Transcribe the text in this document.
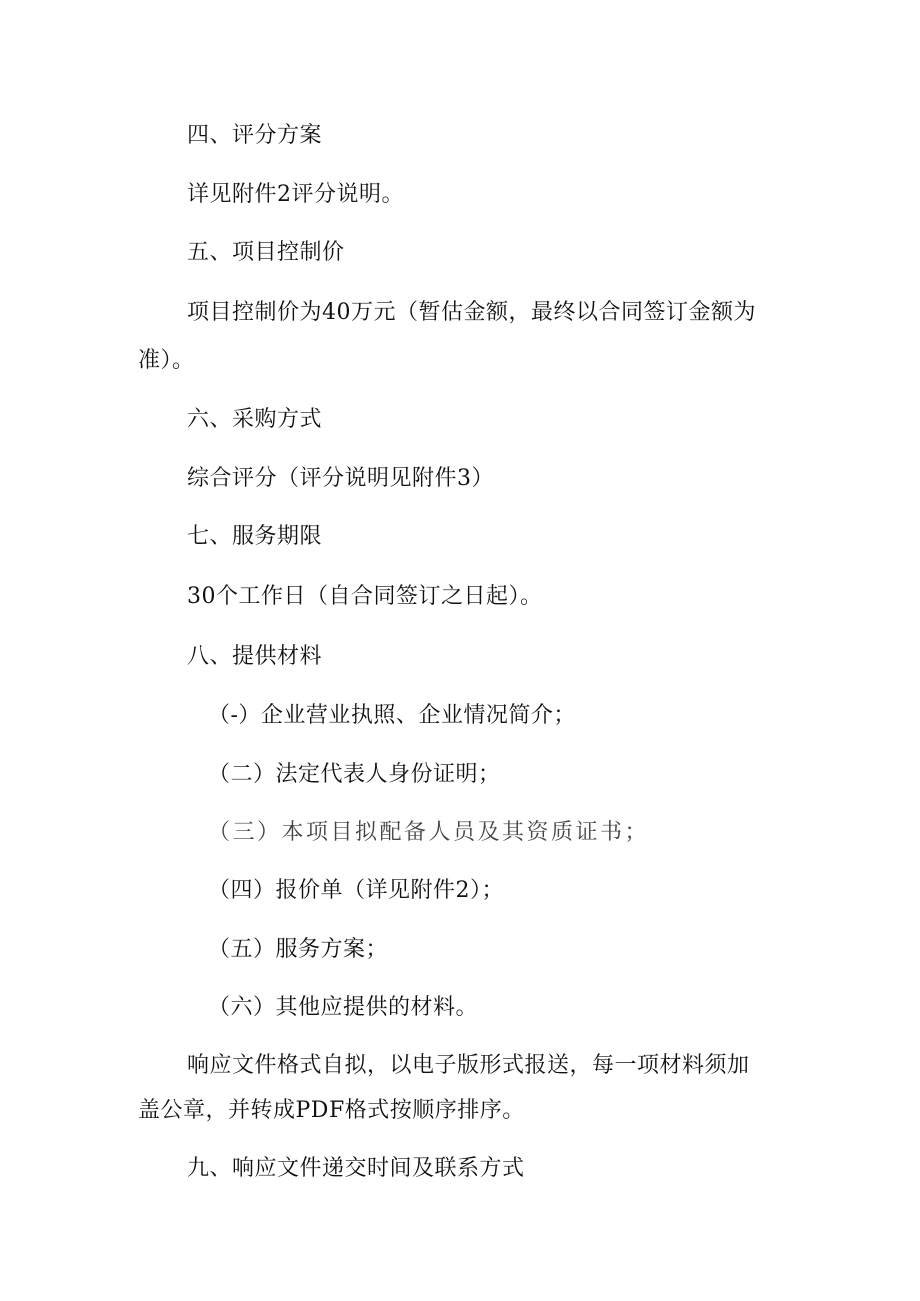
四、评分方案
详见附件2评分说明。
五、项目控制价
项目控制价为40万元（暂估金额，最终以合同签订金额为
准）。
六、采购方式
综合评分（评分说明见附件3）
七、服务期限
30个工作日（自合同签订之日起）。
八、提供材料
（-）企业营业执照、企业情况简介；
（二）法定代表人身份证明；
（三）本项目拟配备人员及其资质证书；
（四）报价单（详见附件2）；
（五）服务方案；
（六）其他应提供的材料。
响应文件格式自拟，以电子版形式报送，每一项材料须加
盖公章，并转成PDF格式按顺序排序。
九、响应文件递交时间及联系方式
